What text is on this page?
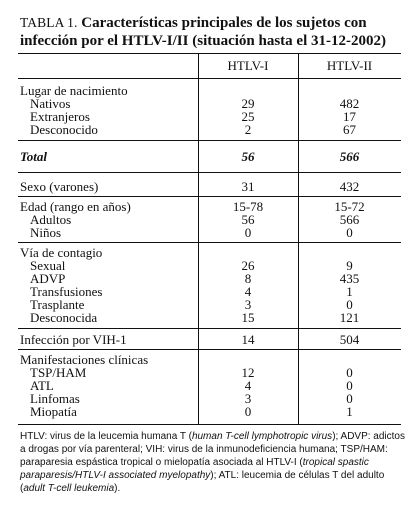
TABLA 1. Características principales de los sujetos con infección por el HTLV-I/II (situación hasta el 31-12-2002)
HTLV-I	HTLV-II
Lugar de nacimiento
Nativos	29	482
Extranjeros	25	17
Desconocido	2	67
Total	56	566
Sexo (varones)	31	432
Edad (rango en años)	15-78	15-72
Adultos	56	566
Niños	0	0
Vía de contagio
Sexual	26	9
ADVP	8	435
Transfusiones	4	1
Trasplante	3	0
Desconocida	15	121
Infección por VIH-1	14	504
Manifestaciones clínicas
TSP/HAM	12	0
ATL	4	0
Linfomas	3	0
Miopatía	0	1
HTLV: virus de la leucemia humana T (human T-cell lymphotropic virus); ADVP: adictos a drogas por vía parenteral; VIH: virus de la inmunodeficiencia humana; TSP/HAM: paraparesia espástica tropical o mielopatía asociada al HTLV-I (tropical spastic paraparesis/HTLV-I associated myelopathy); ATL: leucemia de células T del adulto (adult T-cell leukemia).
